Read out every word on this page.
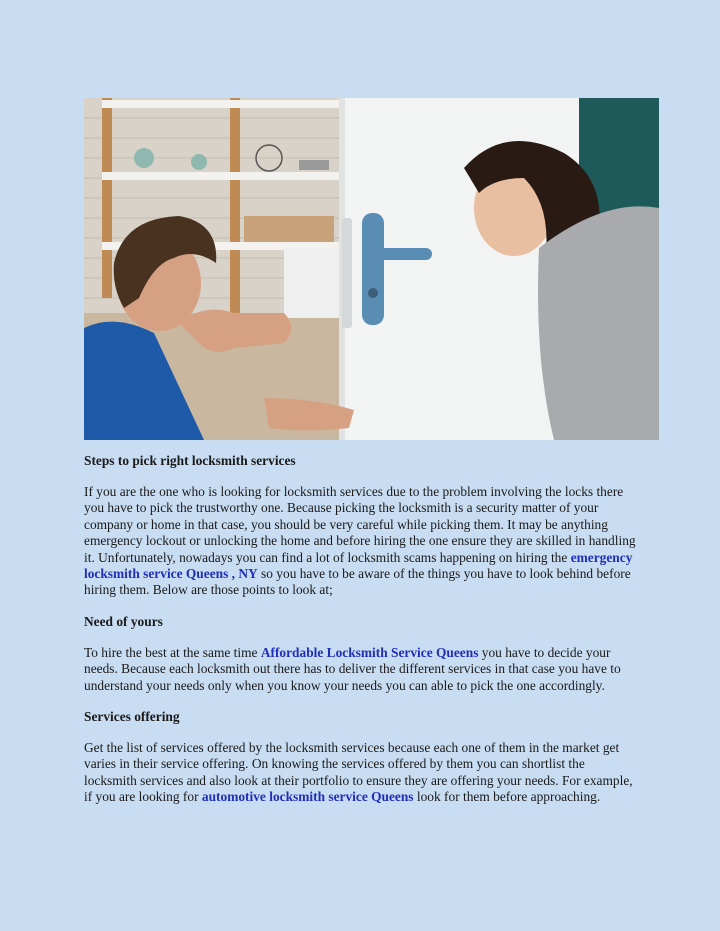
Steps to pick right locksmith services

If you are the one who is looking for locksmith services due to the problem involving the locks there you have to pick the trustworthy one. Because picking the locksmith is a security matter of your company or home in that case, you should be very careful while picking them. It may be anything emergency lockout or unlocking the home and before hiring the one ensure they are skilled in handling it. Unfortunately, nowadays you can find a lot of locksmith scams happening on hiring the emergency locksmith service Queens , NY so you have to be aware of the things you have to look behind before hiring them. Below are those points to look at;

Need of yours

To hire the best at the same time Affordable Locksmith Service Queens you have to decide your needs. Because each locksmith out there has to deliver the different services in that case you have to understand your needs only when you know your needs you can able to pick the one accordingly.

Services offering

Get the list of services offered by the locksmith services because each one of them in the market get varies in their service offering. On knowing the services offered by them you can shortlist the locksmith services and also look at their portfolio to ensure they are offering your needs. For example, if you are looking for automotive locksmith service Queens look for them before approaching.
